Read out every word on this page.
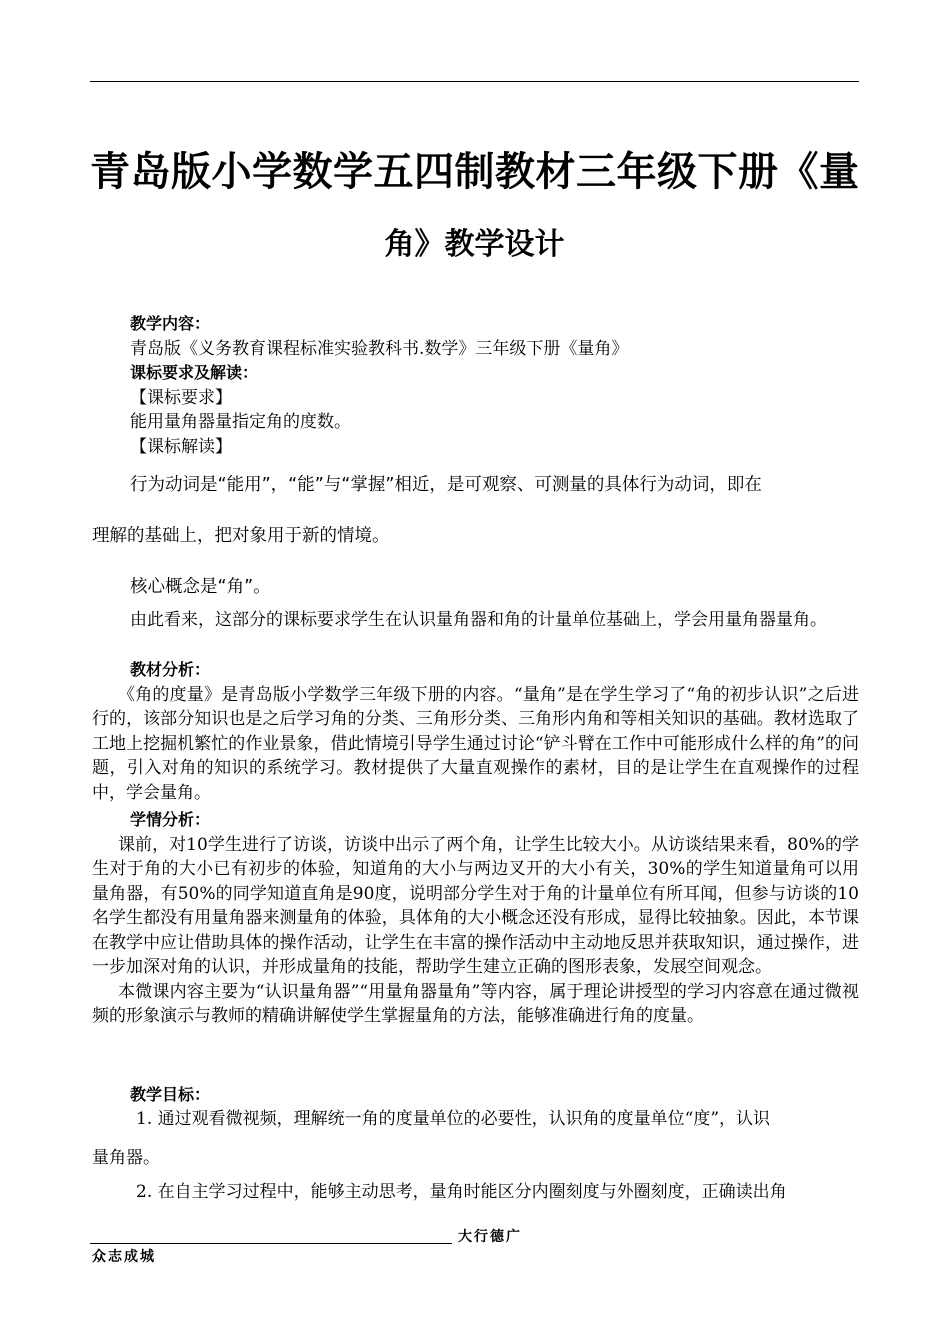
青岛版小学数学五四制教材三年级下册《量
角》教学设计
教学内容：
青岛版《义务教育课程标准实验教科书.数学》三年级下册《量角》
课标要求及解读：
【课标要求】
能用量角器量指定角的度数。
【课标解读】
行为动词是“能用”，“能”与“掌握”相近，是可观察、可测量的具体行为动词，即在
理解的基础上，把对象用于新的情境。
核心概念是“角”。

由此看来，这部分的课标要求学生在认识量角器和角的计量单位基础上，学会用量角器量角。

教材分析：

《角的度量》是青岛版小学数学三年级下册的内容。“量角”是在学生学习了“角的初步认识”之后进行的，该部分知识也是之后学习角的分类、三角形分类、三角形内角和等相关知识的基础。教材选取了工地上挖掘机繁忙的作业景象，借此情境引导学生通过讨论“铲斗臂在工作中可能形成什么样的角”的问题，引入对角的知识的系统学习。教材提供了大量直观操作的素材，目的是让学生在直观操作的过程中，学会量角。

学情分析：

课前，对10学生进行了访谈，访谈中出示了两个角，让学生比较大小。从访谈结果来看，80%的学生对于角的大小已有初步的体验，知道角的大小与两边叉开的大小有关，30%的学生知道量角可以用量角器，有50%的同学知道直角是90度，说明部分学生对于角的计量单位有所耳闻，但参与访谈的10名学生都没有用量角器来测量角的体验，具体角的大小概念还没有形成，显得比较抽象。因此，本节课在教学中应让借助具体的操作活动，让学生在丰富的操作活动中主动地反思并获取知识，通过操作，进一步加深对角的认识，并形成量角的技能，帮助学生建立正确的图形表象，发展空间观念。

本微课内容主要为“认识量角器”“用量角器量角”等内容，属于理论讲授型的学习内容意在通过微视频的形象演示与教师的精确讲解使学生掌握量角的方法，能够准确进行角的度量。

教学目标：
1. 通过观看微视频，理解统一角的度量单位的必要性，认识角的度量单位“度”，认识
量角器。
2. 在自主学习过程中，能够主动思考，量角时能区分内圈刻度与外圈刻度，正确读出角
大行德广
众志成城
